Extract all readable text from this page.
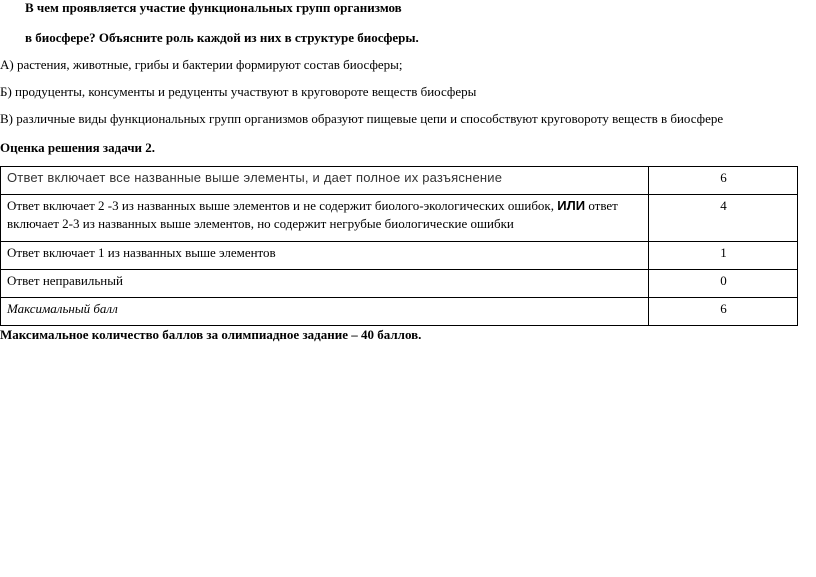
В чем проявляется участие функциональных групп организмов
в биосфере? Объясните роль каждой из них в структуре биосферы.
А) растения, животные, грибы и бактерии формируют состав биосферы;
Б) продуценты, консументы и редуценты участвуют в круговороте веществ биосферы
В) различные виды функциональных групп организмов образуют пищевые цепи и способствуют круговороту веществ в биосфере
Оценка решения задачи 2.
Ответ включает все названные выше элементы, и дает полное их разъяснение	6
Ответ включает 2 -3 из названных выше элементов и не содержит биолого-экологических ошибок, ИЛИ ответ включает 2-3 из названных выше элементов, но содержит негрубые биологические ошибки	4
Ответ включает 1 из названных выше элементов	1
Ответ неправильный	0
Максимальный балл	6
Максимальное количество баллов за олимпиадное задание – 40 баллов.
